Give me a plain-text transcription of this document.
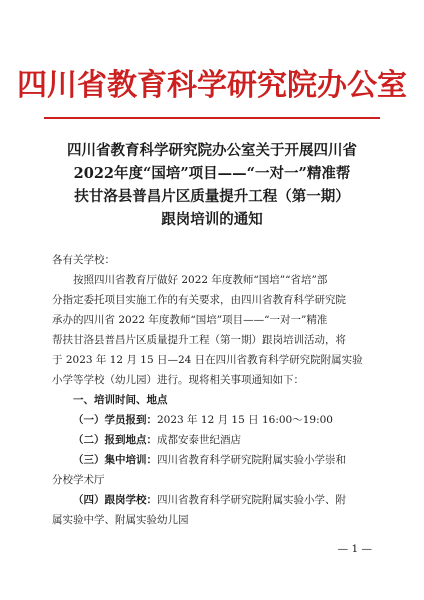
四川省教育科学研究院办公室
四川省教育科学研究院办公室关于开展四川省
2022年度“国培”项目——“一对一”精准帮
扶甘洛县普昌片区质量提升工程（第一期）
跟岗培训的通知
各有关学校：
按照四川省教育厅做好 2022 年度教师“国培”“省培”部
分指定委托项目实施工作的有关要求，由四川省教育科学研究院
承办的四川省 2022 年度教师“国培”项目——“一对一”精准
帮扶甘洛县普昌片区质量提升工程（第一期）跟岗培训活动，将
于 2023 年 12 月 15 日—24 日在四川省教育科学研究院附属实验
小学等学校（幼儿园）进行。现将相关事项通知如下：
一、培训时间、地点
（一）学员报到：2023 年 12 月 15 日 16:00～19:00
（二）报到地点：成都安泰世纪酒店
（三）集中培训：四川省教育科学研究院附属实验小学崇和
分校学术厅
（四）跟岗学校：四川省教育科学研究院附属实验小学、附
属实验中学、附属实验幼儿园
— 1 —
